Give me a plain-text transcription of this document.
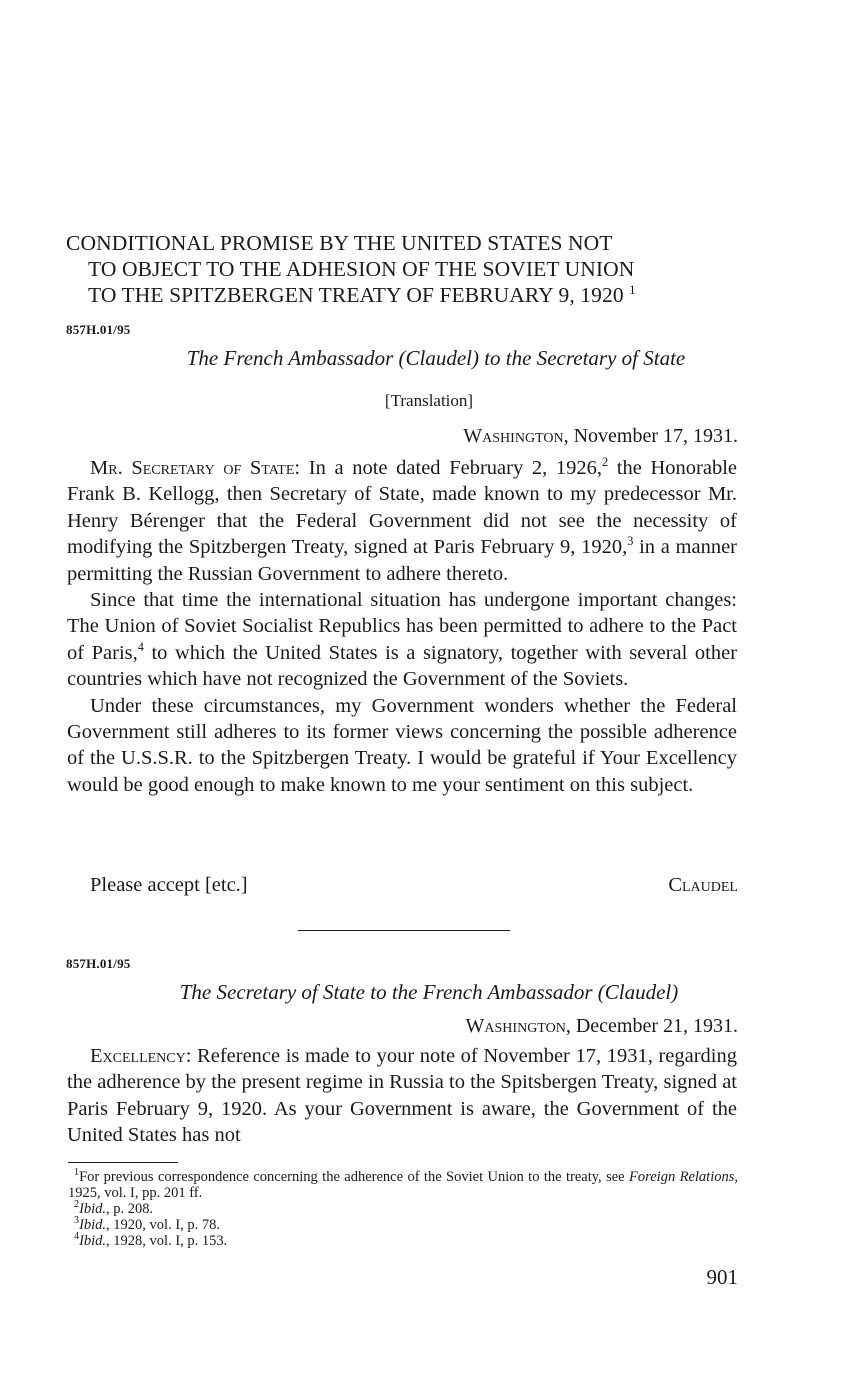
CONDITIONAL PROMISE BY THE UNITED STATES NOT
TO OBJECT TO THE ADHESION OF THE SOVIET UNION
TO THE SPITZBERGEN TREATY OF FEBRUARY 9, 1920 $^1$
857H.01/95
The French Ambassador (Claudel) to the Secretary of State
[Translation]
Washington, November 17, 1931.

Mr. Secretary of State: In a note dated February 2, 1926,$^2$ the Honorable Frank B. Kellogg, then Secretary of State, made known to my predecessor Mr. Henry Bérenger that the Federal Government did not see the necessity of modifying the Spitzbergen Treaty, signed at Paris February 9, 1920,$^3$ in a manner permitting the Russian Government to adhere thereto.

Since that time the international situation has undergone important changes: The Union of Soviet Socialist Republics has been permitted to adhere to the Pact of Paris,$^4$ to which the United States is a signatory, together with several other countries which have not recognized the Government of the Soviets.

Under these circumstances, my Government wonders whether the Federal Government still adheres to its former views concerning the possible adherence of the U.S.S.R. to the Spitzbergen Treaty. I would be grateful if Your Excellency would be good enough to make known to me your sentiment on this subject.

Please accept [etc.]	Claudel
857H.01/95
The Secretary of State to the French Ambassador (Claudel)
Washington, December 21, 1931.

Excellency: Reference is made to your note of November 17, 1931, regarding the adherence by the present regime in Russia to the Spitsbergen Treaty, signed at Paris February 9, 1920. As your Government is aware, the Government of the United States has not

$^1$For previous correspondence concerning the adherence of the Soviet Union to the treaty, see Foreign Relations, 1925, vol. I, pp. 201 ff.
$^2$Ibid., p. 208.
$^3$Ibid., 1920, vol. I, p. 78.
$^4$Ibid., 1928, vol. I, p. 153.
901
